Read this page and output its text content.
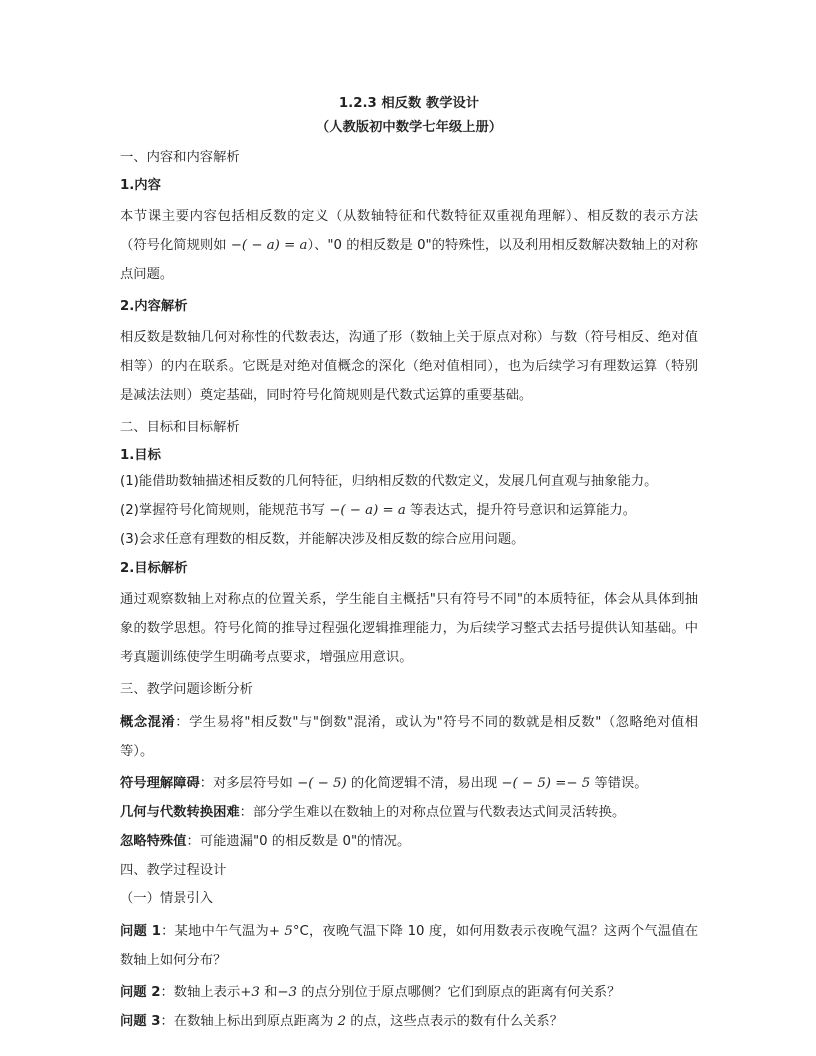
1.2.3 相反数 教学设计
（人教版初中数学七年级上册）
一、内容和内容解析
1.内容
本节课主要内容包括相反数的定义（从数轴特征和代数特征双重视角理解）、相反数的表示方法（符号化简规则如 −( − a) = a）、"0 的相反数是 0"的特殊性，以及利用相反数解决数轴上的对称点问题。
2.内容解析
相反数是数轴几何对称性的代数表达，沟通了形（数轴上关于原点对称）与数（符号相反、绝对值相等）的内在联系。它既是对绝对值概念的深化（绝对值相同），也为后续学习有理数运算（特别是减法法则）奠定基础，同时符号化简规则是代数式运算的重要基础。
二、目标和目标解析
1.目标
(1)能借助数轴描述相反数的几何特征，归纳相反数的代数定义，发展几何直观与抽象能力。
(2)掌握符号化简规则，能规范书写 −( − a) = a 等表达式，提升符号意识和运算能力。
(3)会求任意有理数的相反数，并能解决涉及相反数的综合应用问题。
2.目标解析
通过观察数轴上对称点的位置关系，学生能自主概括"只有符号不同"的本质特征，体会从具体到抽象的数学思想。符号化简的推导过程强化逻辑推理能力，为后续学习整式去括号提供认知基础。中考真题训练使学生明确考点要求，增强应用意识。
三、教学问题诊断分析
概念混淆：学生易将"相反数"与"倒数"混淆，或认为"符号不同的数就是相反数"（忽略绝对值相等）。
符号理解障碍：对多层符号如 −( − 5) 的化简逻辑不清，易出现 −( − 5) =− 5 等错误。
几何与代数转换困难：部分学生难以在数轴上的对称点位置与代数表达式间灵活转换。
忽略特殊值：可能遗漏"0 的相反数是 0"的情况。
四、教学过程设计
（一）情景引入
问题 1：某地中午气温为+ 5°C，夜晚气温下降 10 度，如何用数表示夜晚气温？这两个气温值在数轴上如何分布？
问题 2：数轴上表示+3 和−3 的点分别位于原点哪侧？它们到原点的距离有何关系？
问题 3：在数轴上标出到原点距离为 2 的点，这些点表示的数有什么关系？
